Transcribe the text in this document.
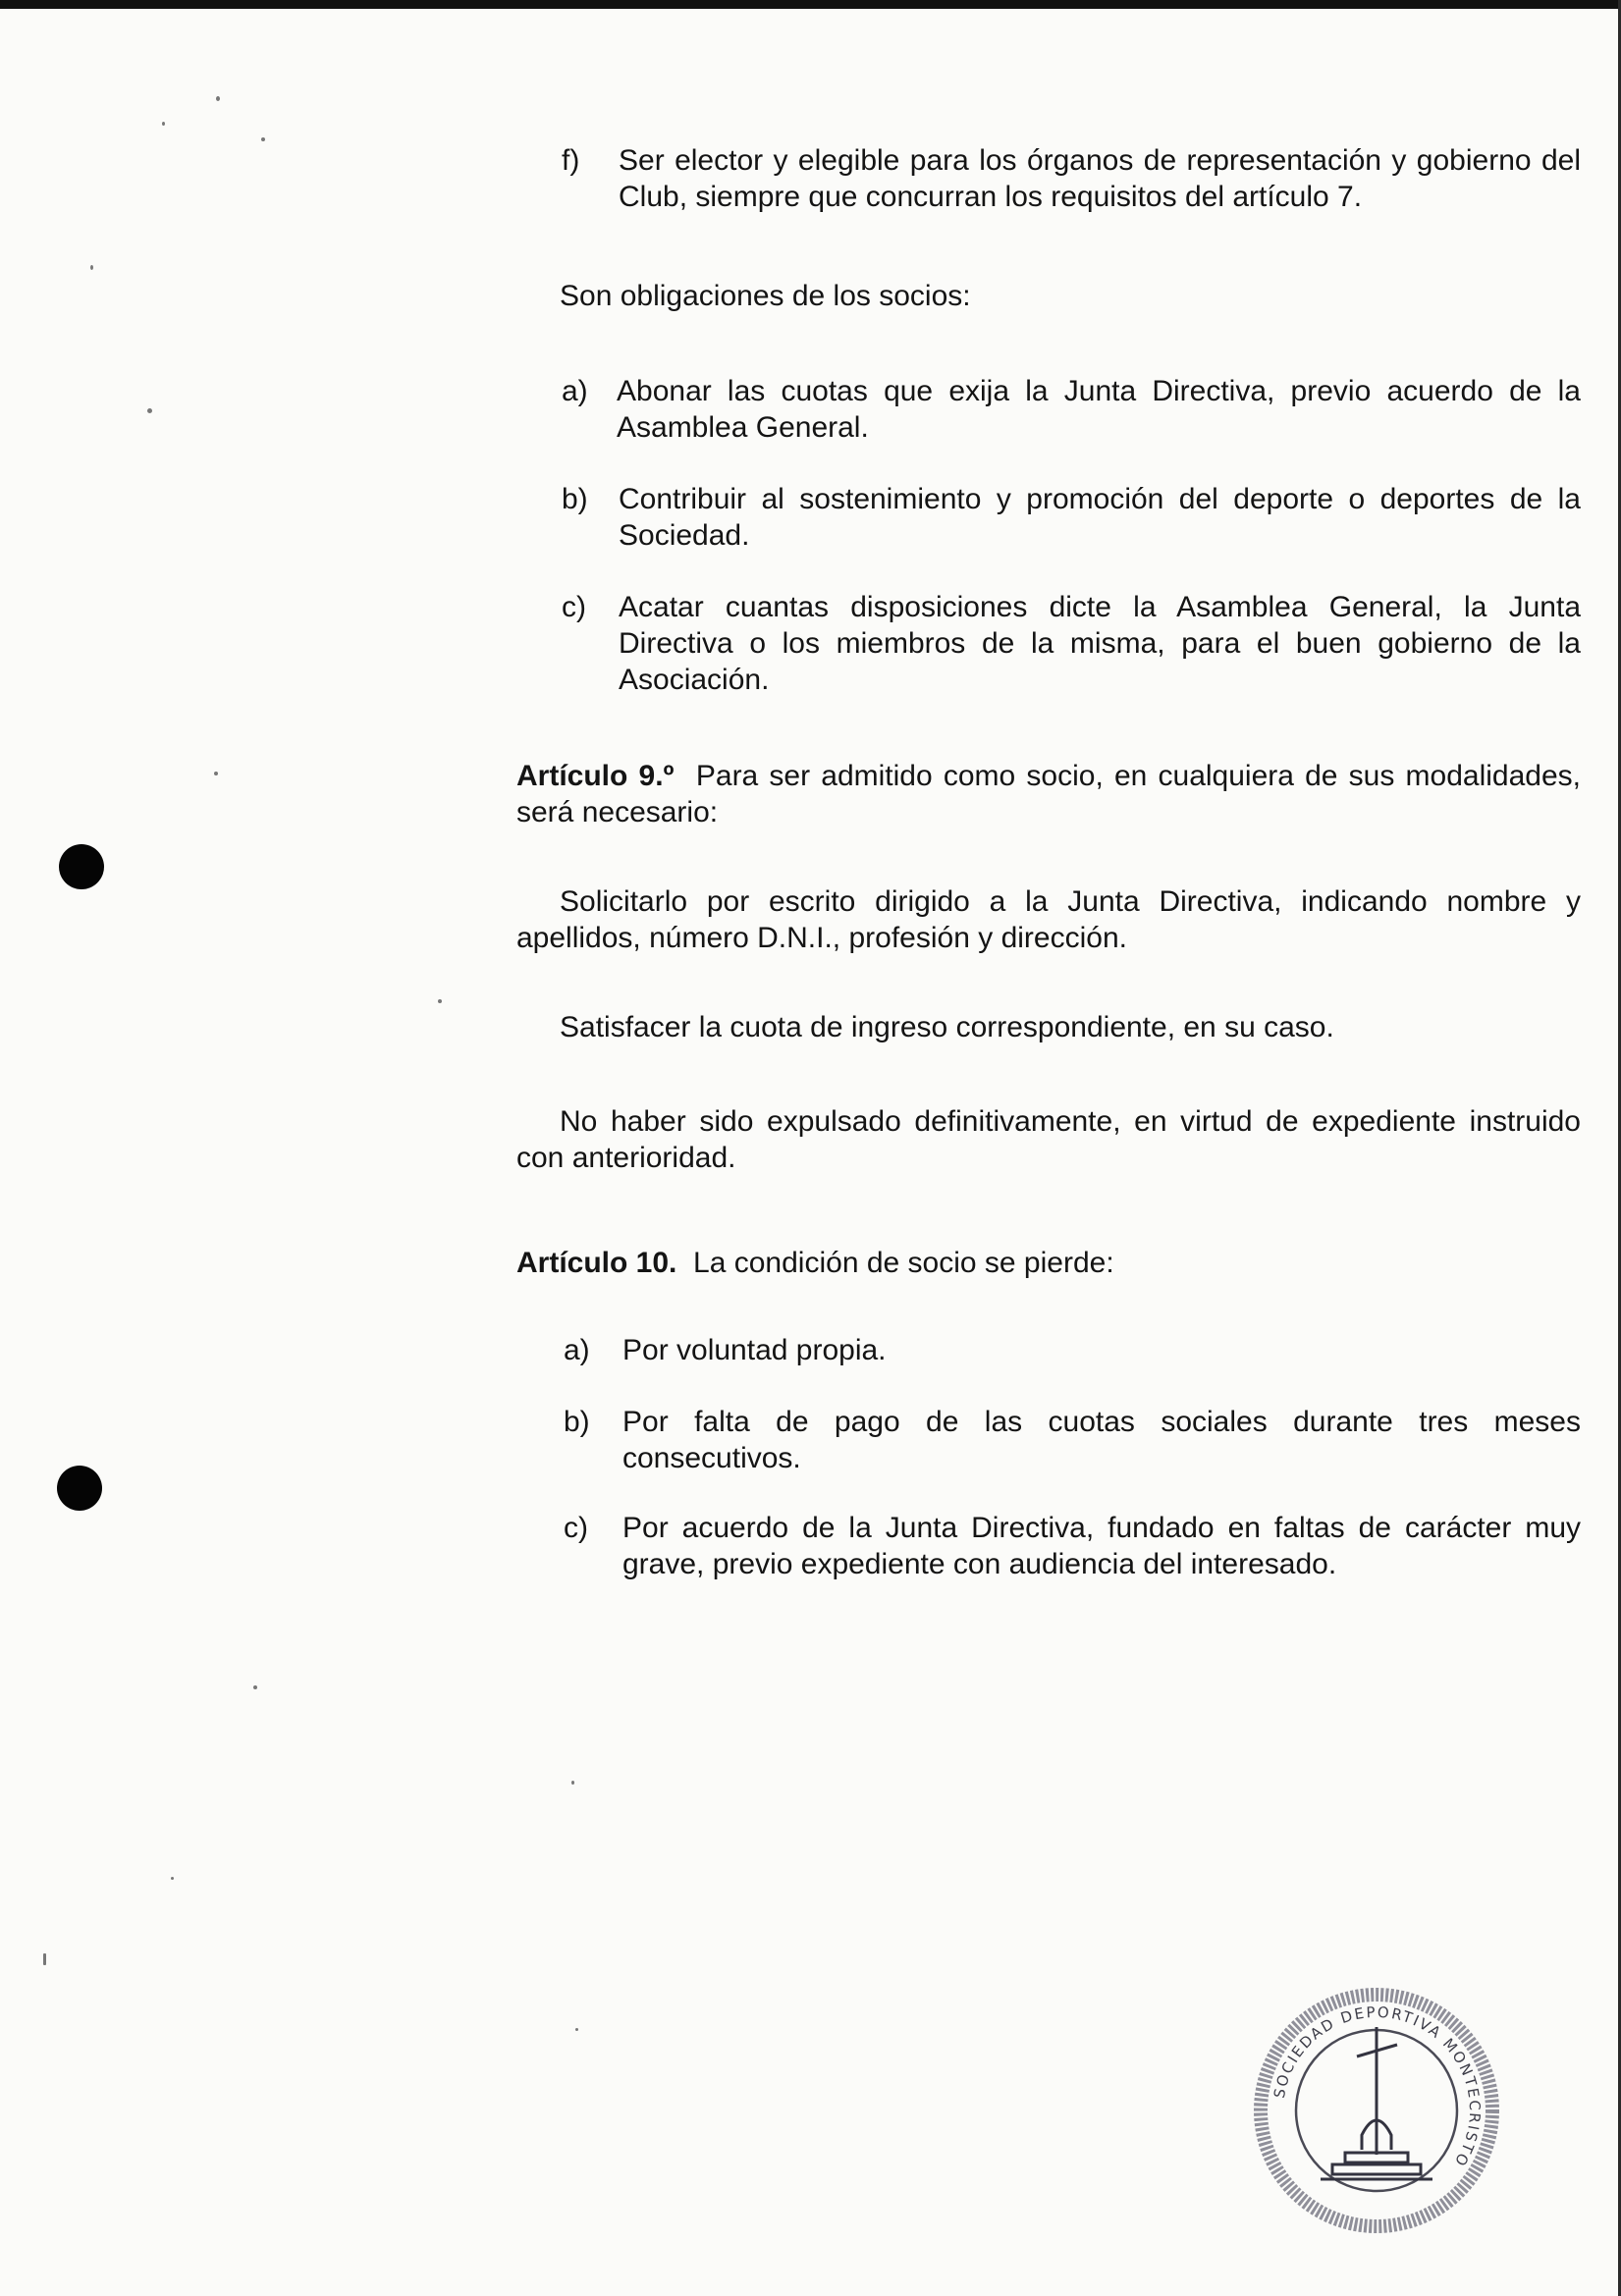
f) Ser elector y elegible para los órganos de representación y gobierno del Club, siempre que concurran los requisitos del artículo 7.
Son obligaciones de los socios:
a) Abonar las cuotas que exija la Junta Directiva, previo acuerdo de la Asamblea General.
b) Contribuir al sostenimiento y promoción del deporte o deportes de la Sociedad.
c) Acatar cuantas disposiciones dicte la Asamblea General, la Junta Directiva o los miembros de la misma, para el buen gobierno de la Asociación.
Artículo 9.º Para ser admitido como socio, en cualquiera de sus modalidades, será necesario:
Solicitarlo por escrito dirigido a la Junta Directiva, indicando nombre y apellidos, número D.N.I., profesión y dirección.
Satisfacer la cuota de ingreso correspondiente, en su caso.
No haber sido expulsado definitivamente, en virtud de expediente instruido con anterioridad.
Artículo 10. La condición de socio se pierde:
a) Por voluntad propia.
b) Por falta de pago de las cuotas sociales durante tres meses consecutivos.
c) Por acuerdo de la Junta Directiva, fundado en faltas de carácter muy grave, previo expediente con audiencia del interesado.
SOCIEDAD DEPORTIVA MONTECRISTO
